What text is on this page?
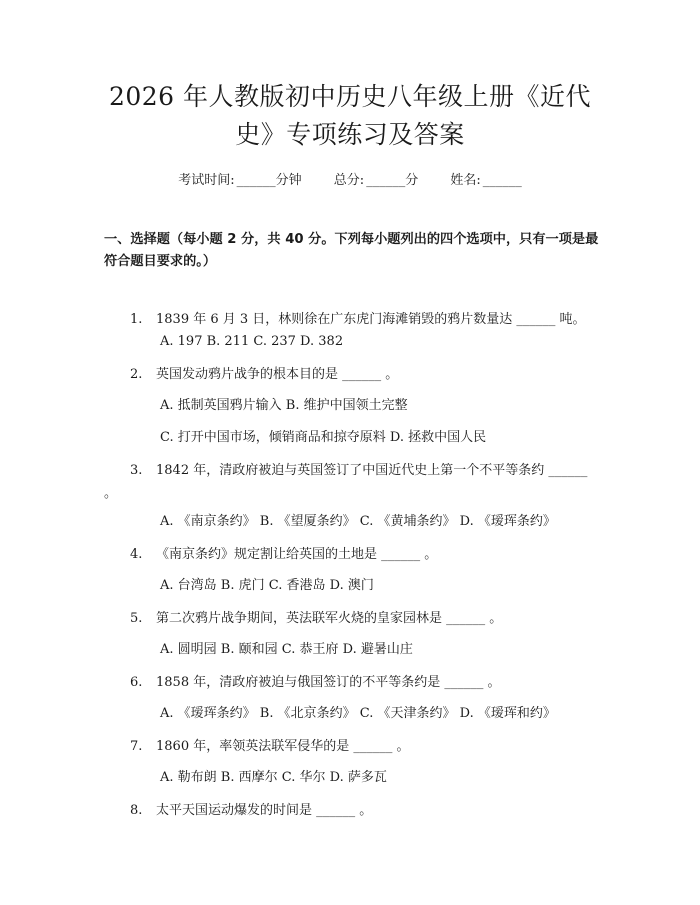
2026 年人教版初中历史八年级上册《近代
史》专项练习及答案
考试时间: ______分钟 总分: ______分 姓名: ______
一、选择题（每小题 2 分，共 40 分。下列每小题列出的四个选项中，只有一项是最符合题目要求的。）
1. 1839 年 6 月 3 日，林则徐在广东虎门海滩销毁的鸦片数量达 ______ 吨。
A. 197 B. 211 C. 237 D. 382
2. 英国发动鸦片战争的根本目的是 ______ 。
A. 抵制英国鸦片输入 B. 维护中国领土完整
C. 打开中国市场，倾销商品和掠夺原料 D. 拯救中国人民
3. 1842 年，清政府被迫与英国签订了中国近代史上第一个不平等条约 ______ 。
A. 《南京条约》 B. 《望厦条约》 C. 《黄埔条约》 D. 《瑷珲条约》
4. 《南京条约》规定割让给英国的土地是 ______ 。
A. 台湾岛 B. 虎门 C. 香港岛 D. 澳门
5. 第二次鸦片战争期间，英法联军火烧的皇家园林是 ______ 。
A. 圆明园 B. 颐和园 C. 恭王府 D. 避暑山庄
6. 1858 年，清政府被迫与俄国签订的不平等条约是 ______ 。
A. 《瑷珲条约》 B. 《北京条约》 C. 《天津条约》 D. 《瑷珲和约》
7. 1860 年，率领英法联军侵华的是 ______ 。
A. 勒布朗 B. 西摩尔 C. 华尔 D. 萨多瓦
8. 太平天国运动爆发的时间是 ______ 。
